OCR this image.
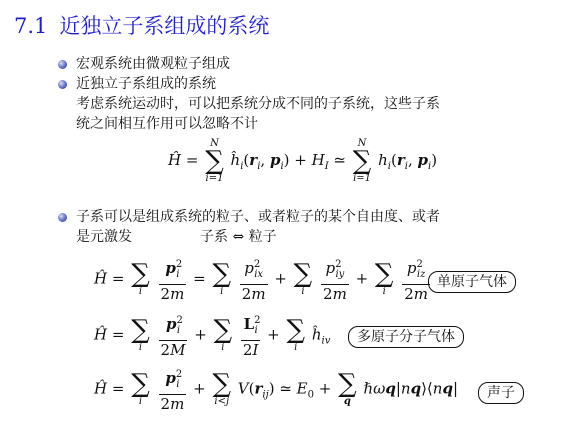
7.1 近独立子系组成的系统
宏观系统由微观粒子组成
近独立子系组成的系统
考虑系统运动时，可以把系统分成不同的子系统，这些子系
统之间相互作用可以忽略不计
Ĥ =
N
∑
i=1
$ĥ_i(r_i$, $p_i) + H_I$ ≃
N
∑
i=1
$h_i(r_i$, $p_i$)
子系可以是组成系统的粒子、或者粒子的某个自由度、或者
是元激发	子系 ⇔ 粒子
Ĥ = ∑
i
	$\frac{p^2_i}{2m}$ = ∑
i
	$\frac{p^2_{ix}}{2m}$ + ∑
i
	$\frac{p^2_{iy}}{2m}$ + ∑
i
	$\frac{p^2_{iz}}{2m}$ 单原子气体
Ĥ = ∑
i
	$\frac{p^2_i}{2M}$ + ∑
i
	$\frac{L^2_i}{2I}$ + ∑
i
$ĥ_{iv}$	多原子分子气体
Ĥ = ∑
i
	$\frac{p^2_i}{2m}$ + ∑
i<j
$V(r_{ij})$ ≃ $E_0$ + ∑
q
ℏωq|nq⟩⟨nq|	声子
